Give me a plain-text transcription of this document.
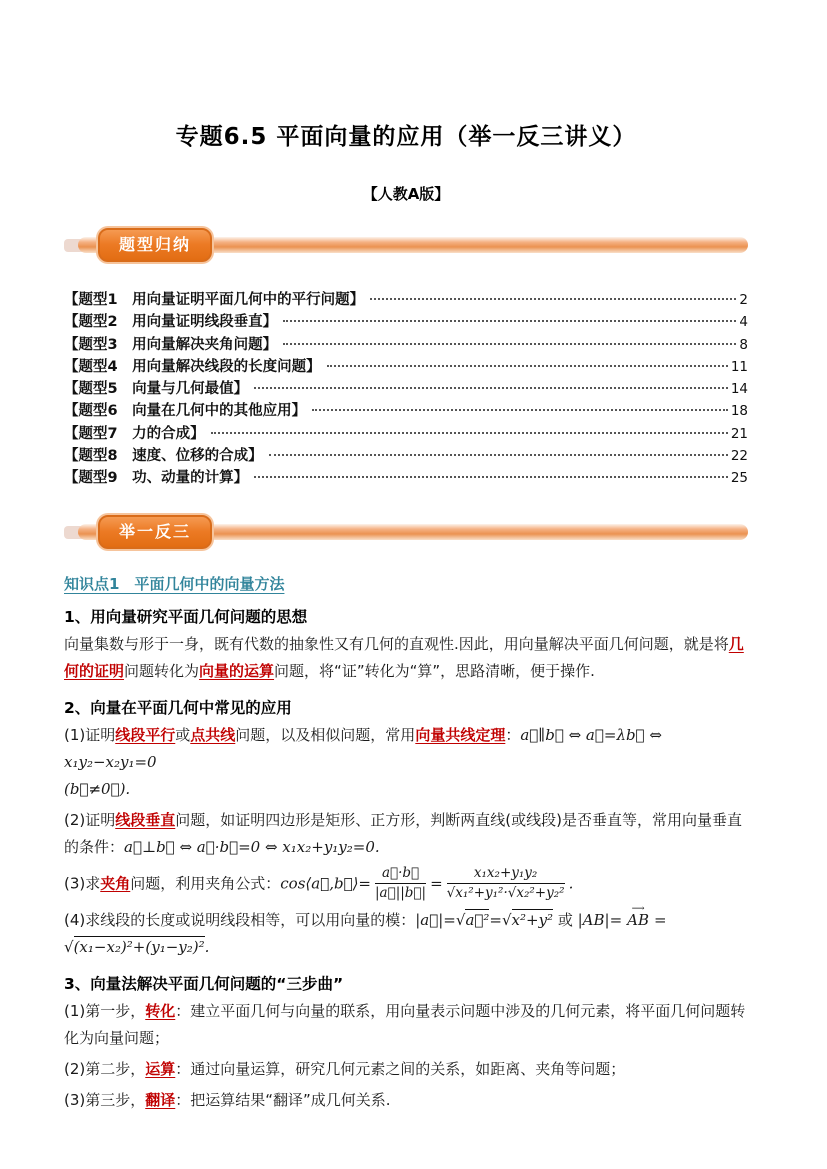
专题6.5 平面向量的应用（举一反三讲义）
【人教A版】
题型归纳
【题型1　用向量证明平面几何中的平行问题】	2
【题型2　用向量证明线段垂直】	4
【题型3　用向量解决夹角问题】	8
【题型4　用向量解决线段的长度问题】	11
【题型5　向量与几何最值】	14
【题型6　向量在几何中的其他应用】	18
【题型7　力的合成】	21
【题型8　速度、位移的合成】	22
【题型9　功、动量的计算】	25
举一反三
知识点1　平面几何中的向量方法
1、用向量研究平面几何问题的思想

向量集数与形于一身，既有代数的抽象性又有几何的直观性.因此，用向量解决平面几何问题，就是将几何的证明问题转化为向量的运算问题，将“证”转化为“算”，思路清晰，便于操作.

2、向量在平面几何中常见的应用

(1)证明线段平行或点共线问题，以及相似问题，常用向量共线定理：a⃗∥b⃗ ⇔ a⃗=λb⃗ ⇔ x₁y₂−x₂y₁=0
(b⃗≠0⃗).

(2)证明线段垂直问题，如证明四边形是矩形、正方形，判断两直线(或线段)是否垂直等，常用向量垂直的条件：a⃗⊥b⃗ ⇔ a⃗·b⃗=0 ⇔ x₁x₂+y₁y₂=0.

(3)求夹角问题，利用夹角公式：cos⟨a⃗,b⃗⟩= $\frac{a⃗\cdot b⃗}{|a⃗||b⃗|} = \frac{\text{x₁x₂+y₁y₂}}{\text{√x₁²+y₁²·√x₂²+y₂²}}$ .

(4)求线段的长度或说明线段相等，可以用向量的模：|a⃗|=√a⃗²=√x²+y² 或 |AB|= ⟶ AB =
√(x₁−x₂)²+(y₁−y₂)².

3、向量法解决平面几何问题的“三步曲”

(1)第一步，转化：建立平面几何与向量的联系，用向量表示问题中涉及的几何元素，将平面几何问题转化为向量问题；

(2)第二步，运算：通过向量运算，研究几何元素之间的关系，如距离、夹角等问题；

(3)第三步，翻译：把运算结果“翻译”成几何关系.
